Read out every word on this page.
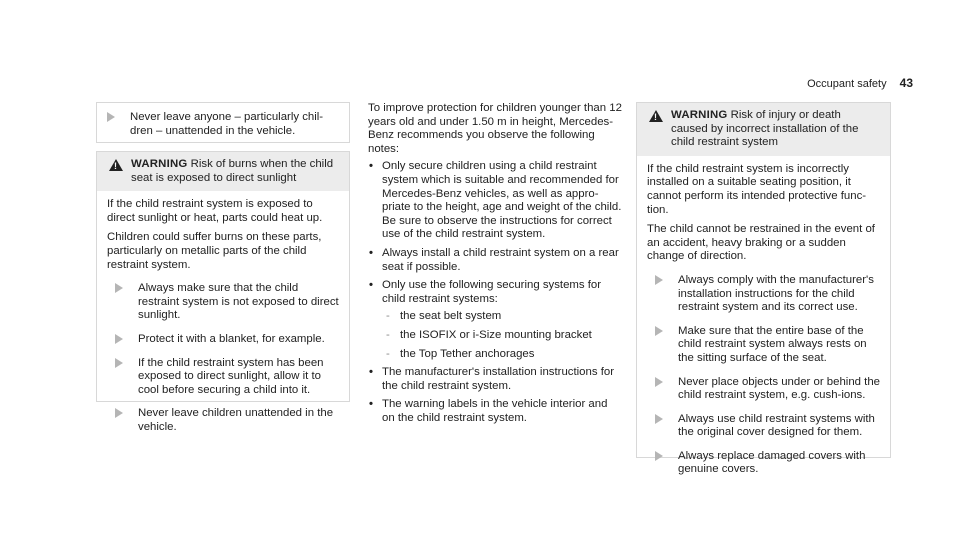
Occupant safety 43

Never leave anyone – particularly chil-dren – unattended in the vehicle.

!
WARNING Risk of burns when the child seat is exposed to direct sunlight

If the child restraint system is exposed to direct sunlight or heat, parts could heat up.

Children could suffer burns on these parts, particularly on metallic parts of the child restraint system.

Always make sure that the child restraint system is not exposed to direct sunlight.

Protect it with a blanket, for example.

If the child restraint system has been exposed to direct sunlight, allow it to cool before securing a child into it.

Never leave children unattended in the vehicle.

To improve protection for children younger than 12 years old and under 1.50 m in height, Mercedes-Benz recommends you observe the following notes:

• Only secure children using a child restraint system which is suitable and recommended for Mercedes-Benz vehicles, as well as appro-priate to the height, age and weight of the child. Be sure to observe the instructions for correct use of the child restraint system.
• Always install a child restraint system on a rear seat if possible.
• Only use the following securing systems for child restraint systems:
- the seat belt system
- the ISOFIX or i-Size mounting bracket
- the Top Tether anchorages
• The manufacturer's installation instructions for the child restraint system.
• The warning labels in the vehicle interior and on the child restraint system.
!
WARNING Risk of injury or death caused by incorrect installation of the child restraint system

If the child restraint system is incorrectly installed on a suitable seating position, it cannot perform its intended protective func-tion.

The child cannot be restrained in the event of an accident, heavy braking or a sudden change of direction.

Always comply with the manufacturer's installation instructions for the child restraint system and its correct use.

Make sure that the entire base of the child restraint system always rests on the sitting surface of the seat.

Never place objects under or behind the child restraint system, e.g. cush-ions.

Always use child restraint systems with the original cover designed for them.

Always replace damaged covers with genuine covers.
